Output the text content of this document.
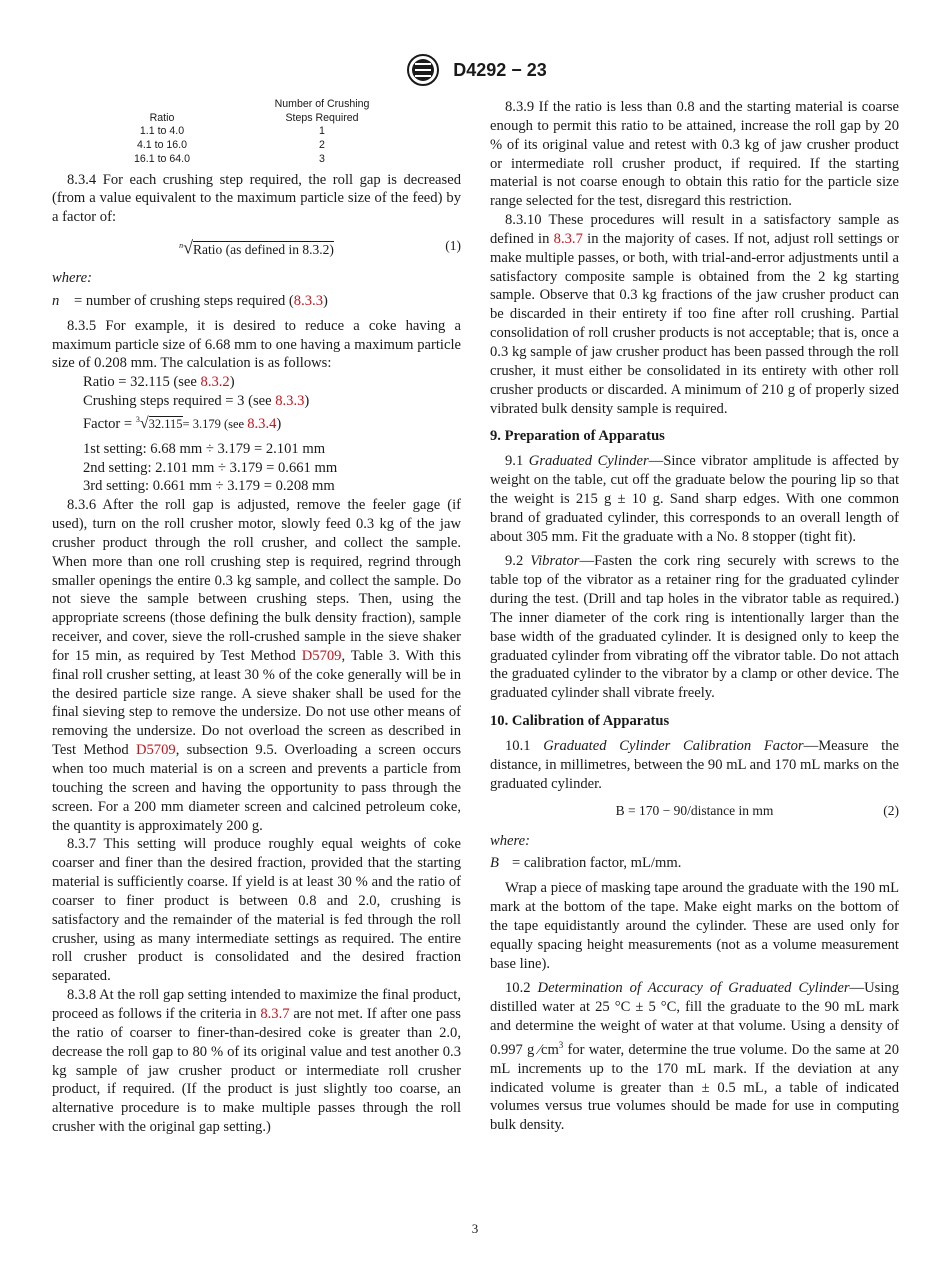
D4292 − 23
		Number of Crushing
Ratio		Steps Required
1.1 to 4.0		1
4.1 to 16.0		2
16.1 to 64.0		3

8.3.4 For each crushing step required, the roll gap is decreased (from a value equivalent to the maximum particle size of the feed) by a factor of:

$^n$√Ratio (as defined in 8.3.2)	(1)
where:
n = number of crushing steps required (8.3.3)

8.3.5 For example, it is desired to reduce a coke having a maximum particle size of 6.68 mm to one having a maximum particle size of 0.208 mm. The calculation is as follows:

Ratio = 32.115 (see 8.3.2)
Crushing steps required = 3 (see 8.3.3)
Factor = $^3$√32.115= 3.179 (see 8.3.4)
1st setting: 6.68 mm ÷ 3.179 = 2.101 mm
2nd setting: 2.101 mm ÷ 3.179 = 0.661 mm
3rd setting: 0.661 mm ÷ 3.179 = 0.208 mm

8.3.6 After the roll gap is adjusted, remove the feeler gage (if used), turn on the roll crusher motor, slowly feed 0.3 kg of the jaw crusher product through the roll crusher, and collect the sample. When more than one roll crushing step is required, regrind through smaller openings the entire 0.3 kg sample, and collect the sample. Do not sieve the sample between crushing steps. Then, using the appropriate screens (those defining the bulk density fraction), sample receiver, and cover, sieve the roll-crushed sample in the sieve shaker for 15 min, as required by Test Method D5709, Table 3. With this final roll crusher setting, at least 30 % of the coke generally will be in the desired particle size range. A sieve shaker shall be used for the final sieving step to remove the undersize. Do not use other means of removing the undersize. Do not overload the screen as described in Test Method D5709, subsection 9.5. Overloading a screen occurs when too much material is on a screen and prevents a particle from touching the screen and having the opportunity to pass through the screen. For a 200 mm diameter screen and calcined petroleum coke, the quantity is approximately 200 g.

8.3.7 This setting will produce roughly equal weights of coke coarser and finer than the desired fraction, provided that the starting material is sufficiently coarse. If yield is at least 30 % and the ratio of coarser to finer product is between 0.8 and 2.0, crushing is satisfactory and the remainder of the material is fed through the roll crusher, using as many intermediate settings as required. The entire roll crusher product is consolidated and the desired fraction separated.

8.3.8 At the roll gap setting intended to maximize the final product, proceed as follows if the criteria in 8.3.7 are not met. If after one pass the ratio of coarser to finer-than-desired coke is greater than 2.0, decrease the roll gap to 80 % of its original value and test another 0.3 kg sample of jaw crusher product or intermediate roll crusher product, if required. (If the product is just slightly too coarse, an alternative procedure is to make multiple passes through the roll crusher with the original gap setting.)

8.3.9 If the ratio is less than 0.8 and the starting material is coarse enough to permit this ratio to be attained, increase the roll gap by 20 % of its original value and retest with 0.3 kg of jaw crusher product or intermediate roll crusher product, if required. If the starting material is not coarse enough to obtain this ratio for the particle size range selected for the test, disregard this restriction.

8.3.10 These procedures will result in a satisfactory sample as defined in 8.3.7 in the majority of cases. If not, adjust roll settings or make multiple passes, or both, with trial-and-error adjustments until a satisfactory composite sample is obtained from the 2 kg starting sample. Observe that 0.3 kg fractions of the jaw crusher product can be discarded in their entirety if too fine after roll crushing. Partial consolidation of roll crusher products is not acceptable; that is, once a 0.3 kg sample of jaw crusher product has been passed through the roll crusher, it must either be consolidated in its entirety with other roll crusher products or discarded. A minimum of 210 g of properly sized vibrated bulk density sample is required.

9. Preparation of Apparatus

9.1 Graduated Cylinder—Since vibrator amplitude is affected by weight on the table, cut off the graduate below the pouring lip so that the weight is 215 g ± 10 g. Sand sharp edges. With one common brand of graduated cylinder, this corresponds to an overall length of about 305 mm. Fit the graduate with a No. 8 stopper (tight fit).

9.2 Vibrator—Fasten the cork ring securely with screws to the table top of the vibrator as a retainer ring for the graduated cylinder during the test. (Drill and tap holes in the vibrator table as required.) The inner diameter of the cork ring is intentionally larger than the base width of the graduated cylinder. It is designed only to keep the graduated cylinder from vibrating off the vibrator table. Do not attach the graduated cylinder to the vibrator by a clamp or other device. The graduated cylinder shall vibrate freely.

10. Calibration of Apparatus

10.1 Graduated Cylinder Calibration Factor—Measure the distance, in millimetres, between the 90 mL and 170 mL marks on the graduated cylinder.

B = 170 − 90/distance in mm	(2)
where:
B = calibration factor, mL/mm.

Wrap a piece of masking tape around the graduate with the 190 mL mark at the bottom of the tape. Make eight marks on the bottom of the tape equidistantly around the cylinder. These are used only for equally spacing height measurements (not as a volume measurement base line).

10.2 Determination of Accuracy of Graduated Cylinder—Using distilled water at 25 °C ± 5 °C, fill the graduate to the 90 mL mark and determine the weight of water at that volume. Using a density of 0.997 g $⁄cm^3$ for water, determine the true volume. Do the same at 20 mL increments up to the 170 mL mark. If the deviation at any indicated volume is greater than ± 0.5 mL, a table of indicated volumes versus true volumes should be made for use in computing bulk density.

3
